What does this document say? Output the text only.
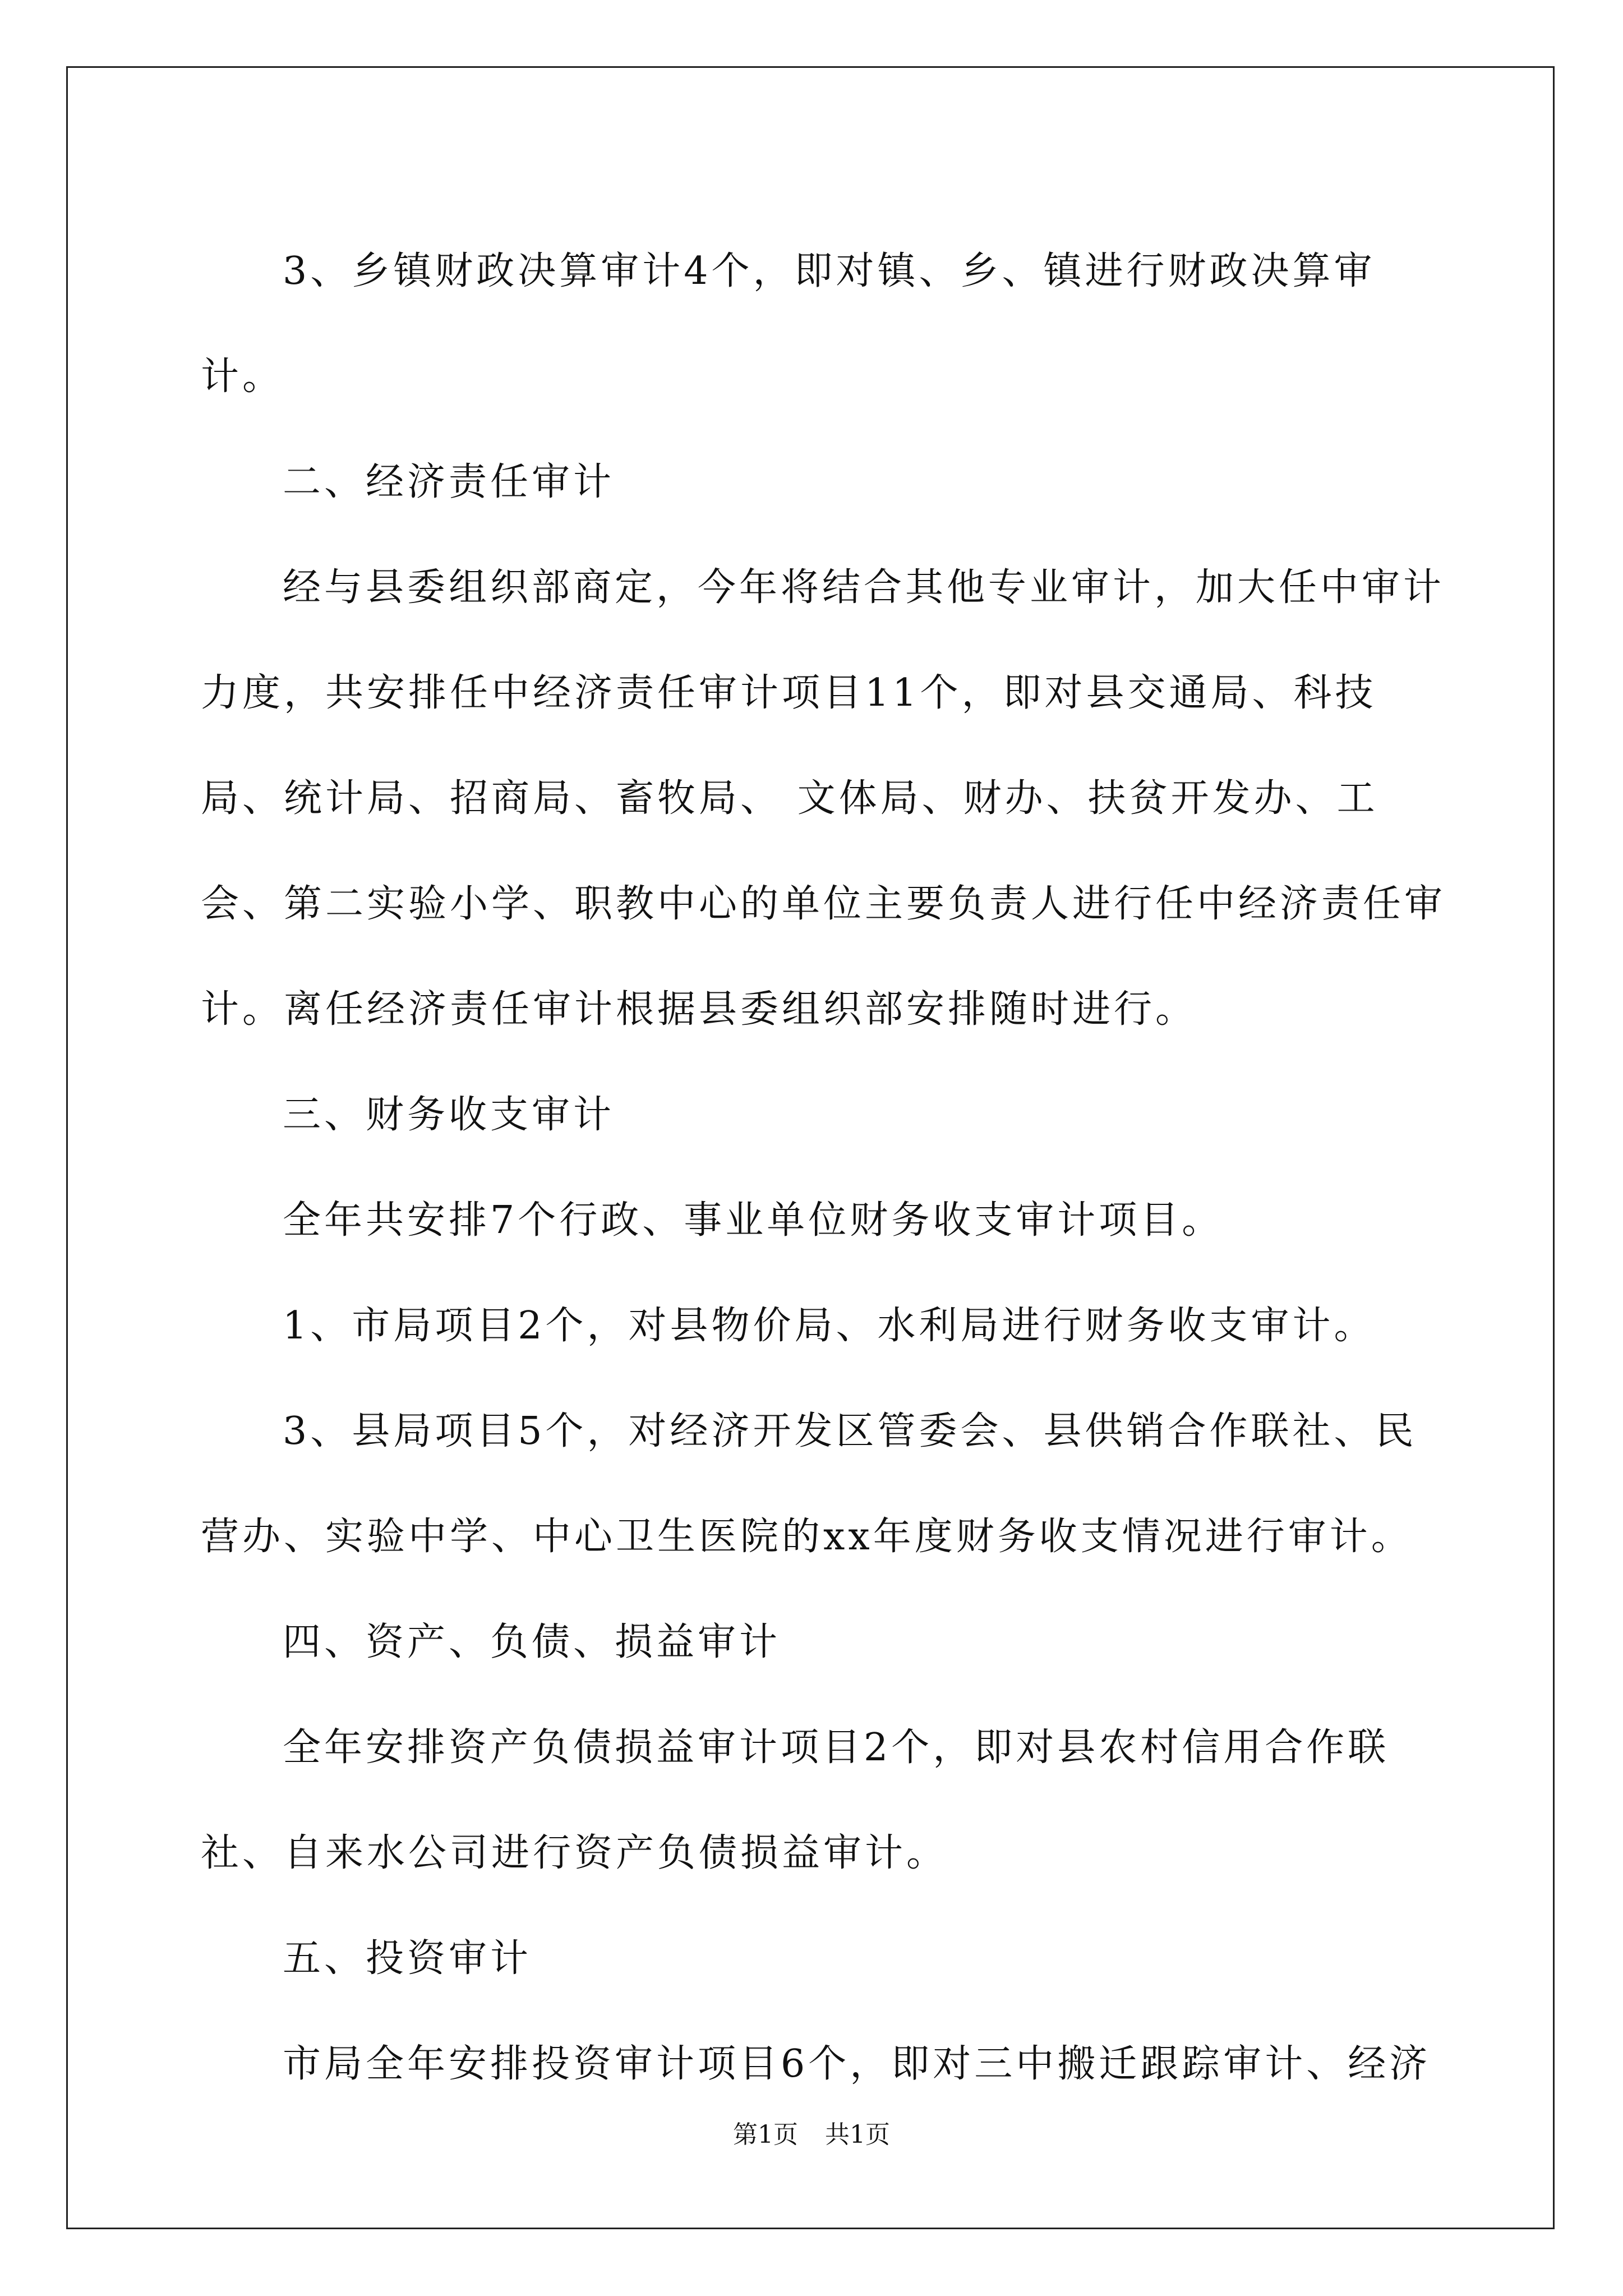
3、乡镇财政决算审计4个，即对镇、乡、镇进行财政决算审计。

二、经济责任审计

经与县委组织部商定，今年将结合其他专业审计，加大任中审计力度，共安排任中经济责任审计项目11个，即对县交通局、科技局、统计局、招商局、畜牧局、 文体局、财办、扶贫开发办、工会、第二实验小学、职教中心的单位主要负责人进行任中经济责任审计。离任经济责任审计根据县委组织部安排随时进行。

三、财务收支审计

全年共安排7个行政、事业单位财务收支审计项目。

1、市局项目2个，对县物价局、水利局进行财务收支审计。

3、县局项目5个，对经济开发区管委会、县供销合作联社、民营办、实验中学、中心卫生医院的xx年度财务收支情况进行审计。

四、资产、负债、损益审计

全年安排资产负债损益审计项目2个，即对县农村信用合作联社、自来水公司进行资产负债损益审计。

五、投资审计

市局全年安排投资审计项目6个，即对三中搬迁跟踪审计、经济

第1页 共1页
